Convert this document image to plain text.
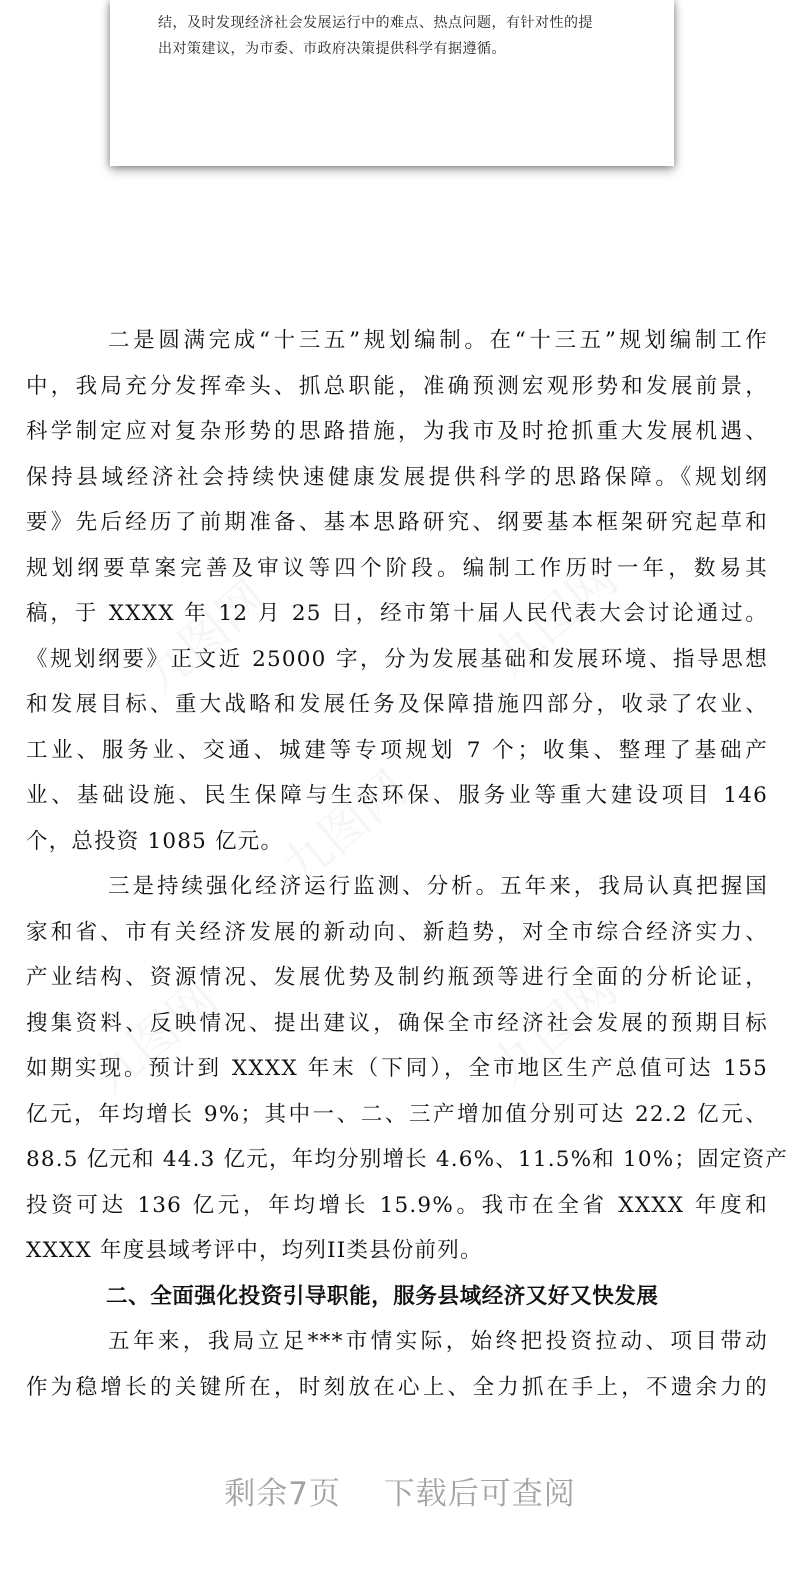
结，及时发现经济社会发展运行中的难点、热点问题，有针对性的提
出对策建议，为市委、市政府决策提供科学有据遵循。
九图网	九图网
九图网
九图网	九图网
二是圆满完成“十三五”规划编制。在“十三五”规划编制工作
中，我局充分发挥牵头、抓总职能，准确预测宏观形势和发展前景，
科学制定应对复杂形势的思路措施，为我市及时抢抓重大发展机遇、
保持县域经济社会持续快速健康发展提供科学的思路保障。《规划纲
要》先后经历了前期准备、基本思路研究、纲要基本框架研究起草和
规划纲要草案完善及审议等四个阶段。编制工作历时一年，数易其
稿，于 XXXX 年 12 月 25 日，经市第十届人民代表大会讨论通过。
《规划纲要》正文近 25000 字，分为发展基础和发展环境、指导思想
和发展目标、重大战略和发展任务及保障措施四部分，收录了农业、
工业、服务业、交通、城建等专项规划 7 个；收集、整理了基础产
业、基础设施、民生保障与生态环保、服务业等重大建设项目 146
个，总投资 1085 亿元。
三是持续强化经济运行监测、分析。五年来，我局认真把握国
家和省、市有关经济发展的新动向、新趋势，对全市综合经济实力、
产业结构、资源情况、发展优势及制约瓶颈等进行全面的分析论证，
搜集资料、反映情况、提出建议，确保全市经济社会发展的预期目标
如期实现。预计到 XXXX 年末（下同），全市地区生产总值可达 155
亿元，年均增长 9%；其中一、二、三产增加值分别可达 22.2 亿元、
88.5 亿元和 44.3 亿元，年均分别增长 4.6%、11.5%和 10%；固定资产
投资可达 136 亿元，年均增长 15.9%。我市在全省 XXXX 年度和
XXXX 年度县域考评中，均列II类县份前列。
二、全面强化投资引导职能，服务县域经济又好又快发展
五年来，我局立足***市情实际，始终把投资拉动、项目带动
作为稳增长的关键所在，时刻放在心上、全力抓在手上，不遗余力的
剩余7页 下载后可查阅
